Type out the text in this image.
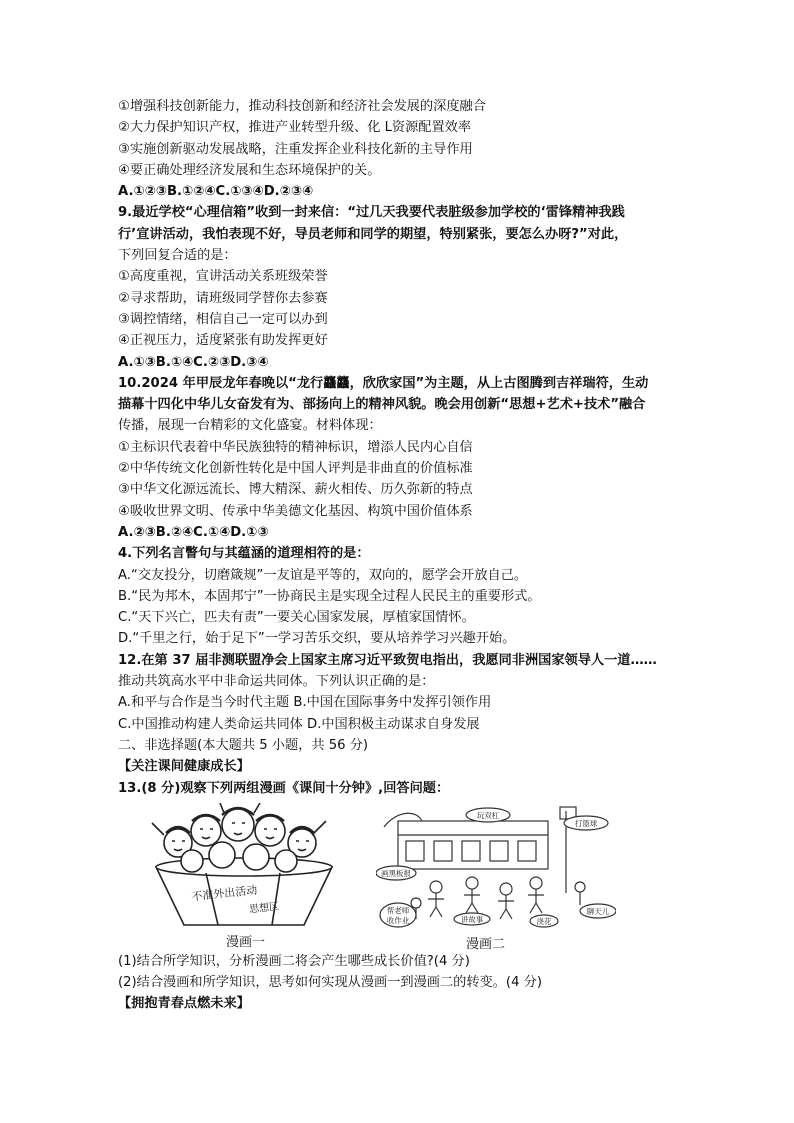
①增强科技创新能力，推动科技创新和经济社会发展的深度融合
②大力保护知识产权，推进产业转型升级、化 L资源配置效率
③实施创新驱动发展战略，注重发挥企业科技化新的主导作用
④要正确处理经济发展和生态环境保护的关。
A.①②③B.①②④C.①③④D.②③④
9.最近学校“心理信箱”收到一封来信：“过几天我要代表脏级参加学校的‘雷锋精神我践
行’宣讲活动，我怕表现不好，导员老师和同学的期望，特别紧张，要怎么办呀?”对此，
下列回复合适的是：
①高度重视，宣讲活动关系班级荣誉
②寻求帮助，请班级同学替你去参赛
③调控情绪，相信自己一定可以办到
④正视压力，适度紧张有助发挥更好
A.①③B.①④C.②③D.③④
10.2024 年甲辰龙年春晚以“龙行龘龘，欣欣家国”为主题，从上古图腾到吉祥瑞符，生动
描幕十四化中华儿女奋发有为、部扬向上的精神风貌。晚会用创新“思想+艺术+技术”融合
传播，展现一台精彩的文化盛宴。材料体现：
①主标识代表着中华民族独特的精神标识，增添人民内心自信
②中华传统文化创新性转化是中国人评判是非曲直的价值标准
③中华文化源远流长、博大精深、薪火相传、历久弥新的特点
④吸收世界文明、传承中华美德文化基因、构筑中国价值体系
A.②③B.②④C.①④D.①③
4.下列名言瞥句与其蕴涵的道理相符的是：
A.“交友投分，切磨箴规”一友谊是平等的，双向的，愿学会开放自己。
B.“民为邦木，本固邦宁”一协商民主是实现全过程人民民主的重要形式。
C.“天下兴亡，匹夫有责”一要关心国家发展，厚植家国情怀。
D.“千里之行，始于足下”一学习苦乐交织，要从培养学习兴趣开始。
12.在第 37 届非测联盟净会上国家主席习近平致贺电指出，我愿同非洲国家领导人一道……
推动共筑高水平中非命运共同体。下列认识正确的是：
A.和平与合作是当今时代主题 B.中国在国际事务中发挥引领作用
C.中国推动构建人类命运共同体 D.中国积极主动谋求自身发展
二、非选择题(本大题共 5 小题，共 56 分)
【关注课间健康成长】
13.(8 分)观察下列两组漫画《课间十分钟》,回答问题：
不准外出活动
思想区
漫画一
玩双杠
打篮球
画黑板报
帮老师
收作业	讲故事	浇花
聊天儿
漫画二
(1)结合所学知识，分析漫画二将会产生哪些成长价值?(4 分)
(2)结合漫画和所学知识，思考如何实现从漫画一到漫画二的转变。(4 分)
【拥抱青春点燃未来】
